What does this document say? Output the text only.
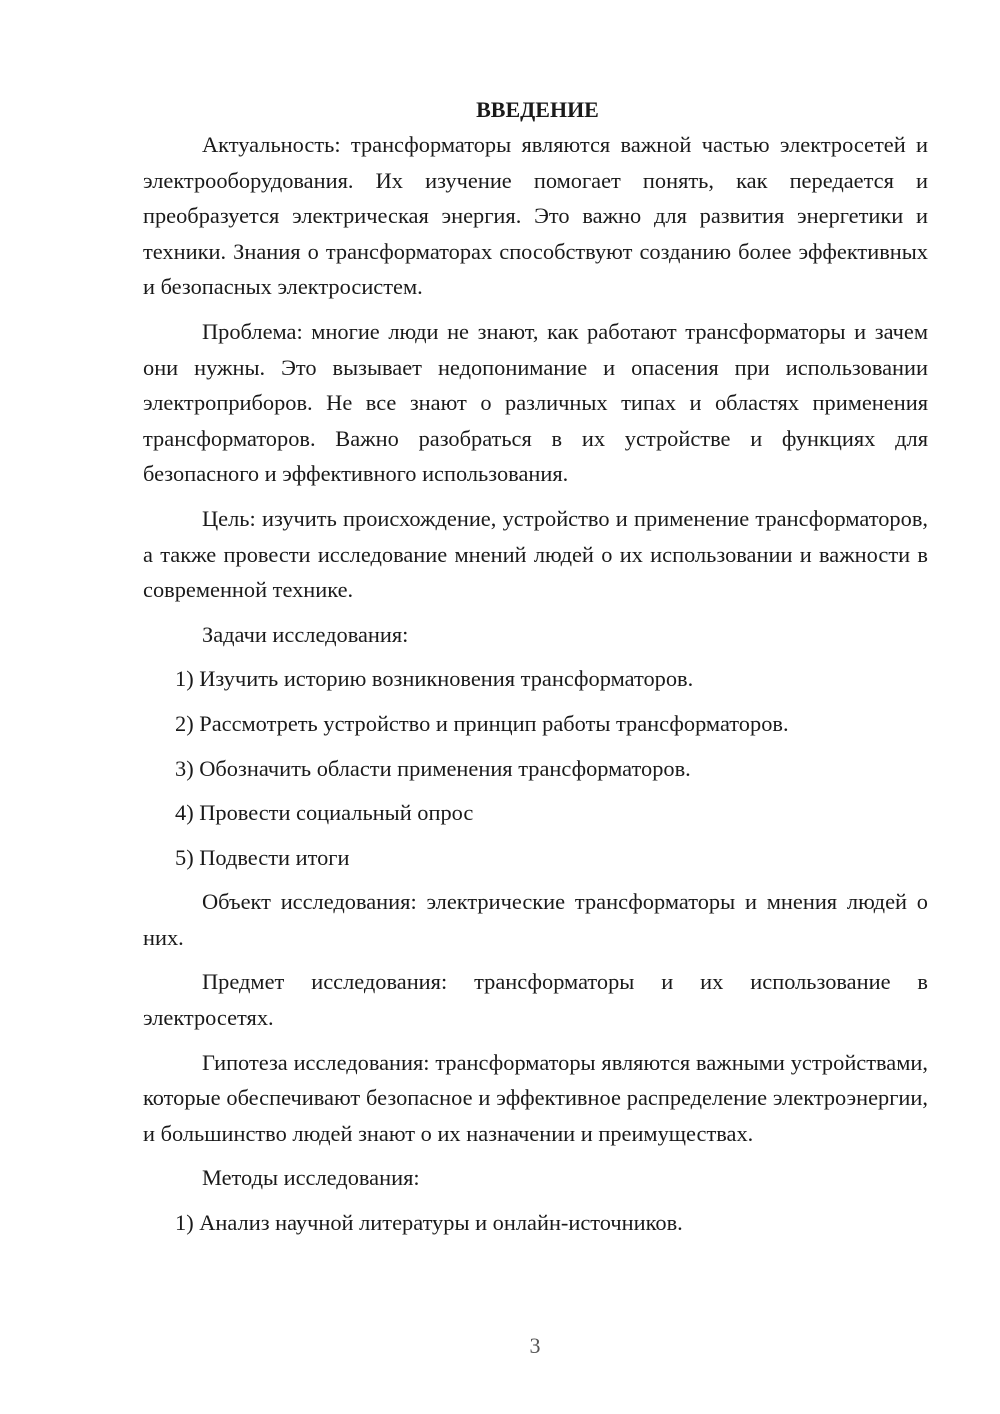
ВВЕДЕНИЕ

Актуальность: трансформаторы являются важной частью электросетей и электрооборудования. Их изучение помогает понять, как передается и преобразуется электрическая энергия. Это важно для развития энергетики и техники. Знания о трансформаторах способствуют созданию более эффективных и безопасных электросистем.

Проблема: многие люди не знают, как работают трансформаторы и зачем они нужны. Это вызывает недопонимание и опасения при использовании электроприборов. Не все знают о различных типах и областях применения трансформаторов. Важно разобраться в их устройстве и функциях для безопасного и эффективного использования.

Цель: изучить происхождение, устройство и применение трансформаторов, а также провести исследование мнений людей о их использовании и важности в современной технике.

Задачи исследования:

1) Изучить историю возникновения трансформаторов.

2) Рассмотреть устройство и принцип работы трансформаторов.

3) Обозначить области применения трансформаторов.

4) Провести социальный опрос

5) Подвести итоги

Объект исследования: электрические трансформаторы и мнения людей о них.

Предмет исследования: трансформаторы и их использование в электросетях.

Гипотеза исследования: трансформаторы являются важными устройствами, которые обеспечивают безопасное и эффективное распределение электроэнергии, и большинство людей знают о их назначении и преимуществах.

Методы исследования:

1) Анализ научной литературы и онлайн-источников.

3
